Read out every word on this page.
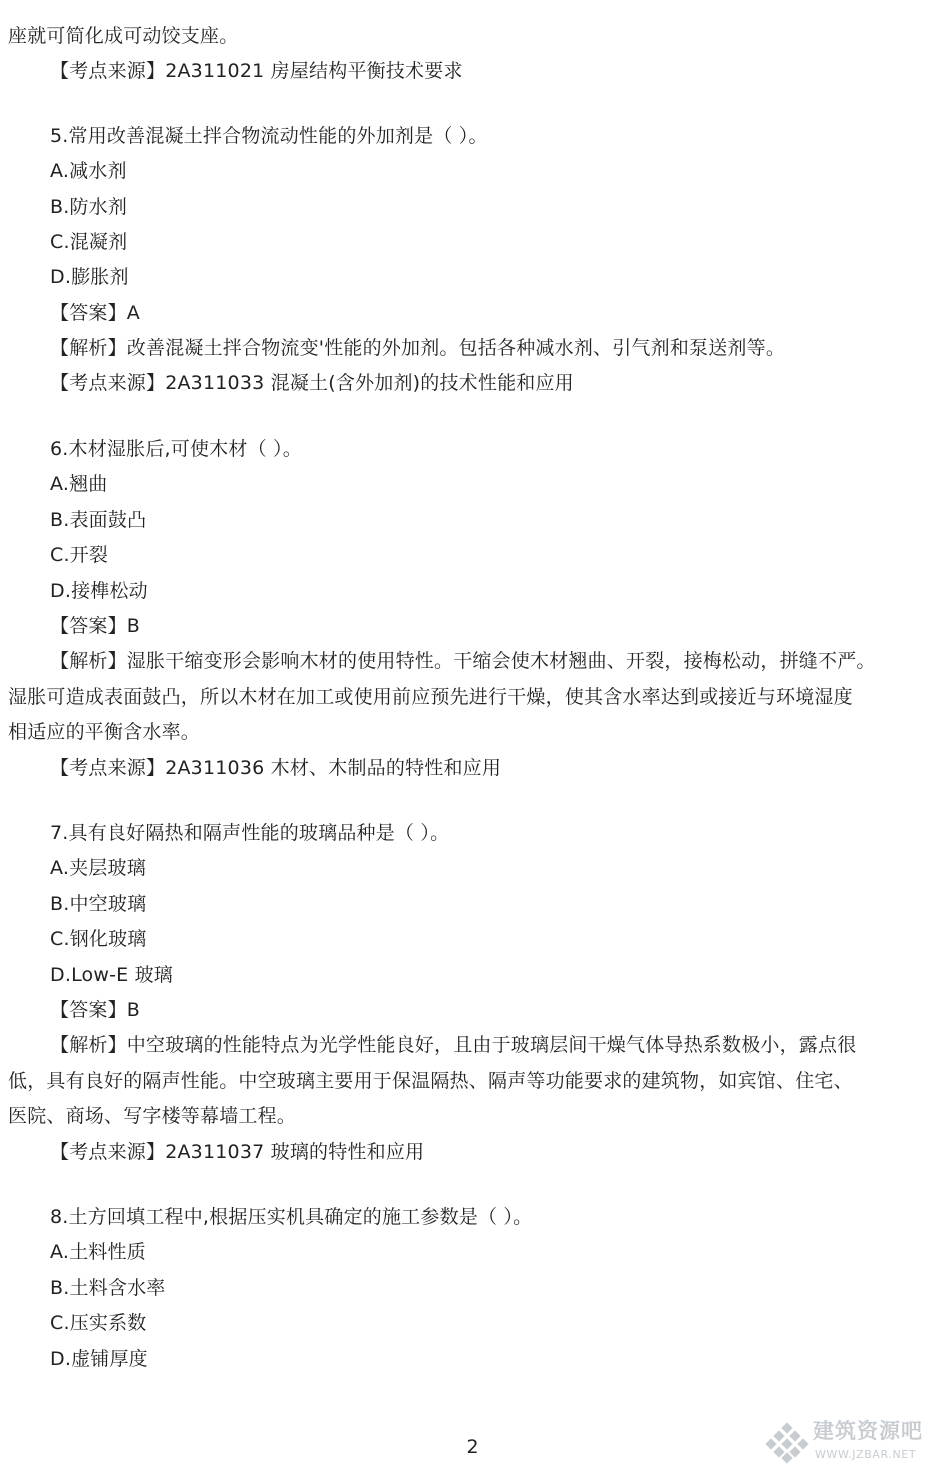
座就可简化成可动饺支座。
【考点来源】2A311021 房屋结构平衡技术要求
5.常用改善混凝土拌合物流动性能的外加剂是（ ）。
A.减水剂
B.防水剂
C.混凝剂
D.膨胀剂
【答案】A
【解析】改善混凝土拌合物流变'性能的外加剂。包括各种减水剂、引气剂和泵送剂等。
【考点来源】2A311033 混凝土(含外加剂)的技术性能和应用
6.木材湿胀后,可使木材（ ）。
A.翘曲
B.表面鼓凸
C.开裂
D.接榫松动
【答案】B
【解析】湿胀干缩变形会影响木材的使用特性。干缩会使木材翘曲、开裂，接梅松动，拼缝不严。
湿胀可造成表面鼓凸，所以木材在加工或使用前应预先进行干燥，使其含水率达到或接近与环境湿度
相适应的平衡含水率。
【考点来源】2A311036 木材、木制品的特性和应用
7.具有良好隔热和隔声性能的玻璃品种是（ ）。
A.夹层玻璃
B.中空玻璃
C.钢化玻璃
D.Low-E 玻璃
【答案】B
【解析】中空玻璃的性能特点为光学性能良好，且由于玻璃层间干燥气体导热系数极小，露点很
低，具有良好的隔声性能。中空玻璃主要用于保温隔热、隔声等功能要求的建筑物，如宾馆、住宅、
医院、商场、写字楼等幕墙工程。
【考点来源】2A311037 玻璃的特性和应用
8.土方回填工程中,根据压实机具确定的施工参数是（ ）。
A.土料性质
B.土料含水率
C.压实系数
D.虚铺厚度
2
建筑资源吧
WWW.JZBAR.NET
